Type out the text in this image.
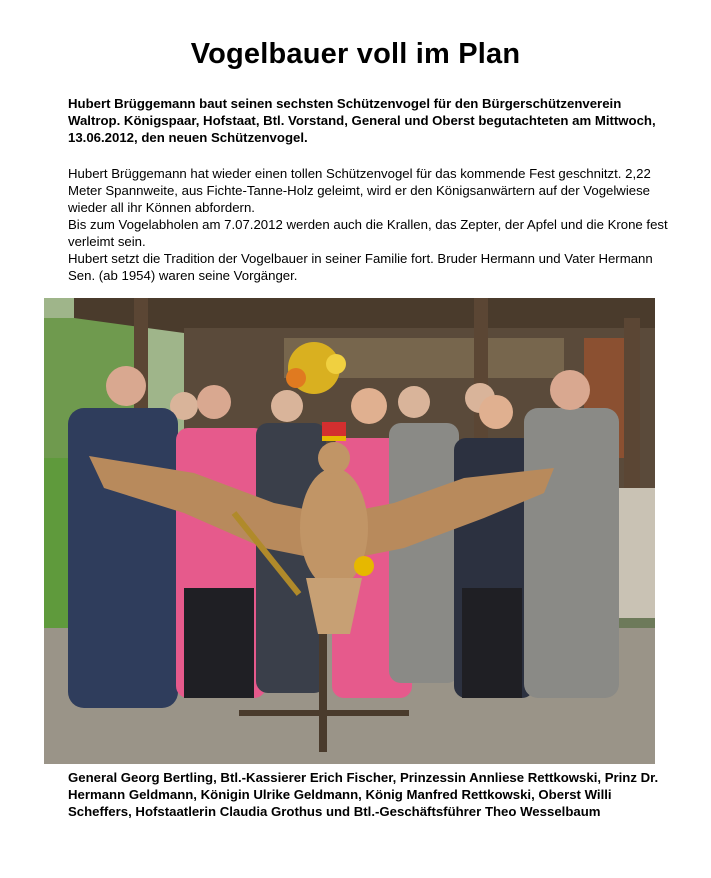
Vogelbauer voll im Plan
Hubert Brüggemann baut seinen sechsten Schützenvogel für den Bürgerschützenverein Waltrop. Königspaar, Hofstaat, Btl. Vorstand, General und Oberst begutachteten am Mittwoch, 13.06.2012, den neuen Schützenvogel.

Hubert Brüggemann hat wieder einen tollen Schützenvogel für das kommende Fest geschnitzt. 2,22 Meter Spannweite, aus Fichte-Tanne-Holz geleimt, wird er den Königsanwärtern auf der Vogelwiese wieder all ihr Können abfordern.

Bis zum Vogelabholen am 7.07.2012 werden auch die Krallen, das Zepter, der Apfel und die Krone fest verleimt sein.

Hubert setzt die Tradition der Vogelbauer in seiner Familie fort. Bruder Hermann und Vater Hermann Sen. (ab 1954) waren seine Vorgänger.

General Georg Bertling, Btl.-Kassierer Erich Fischer, Prinzessin Annliese Rettkowski, Prinz Dr. Hermann Geldmann, Königin Ulrike Geldmann, König Manfred Rettkowski, Oberst Willi Scheffers, Hofstaatlerin Claudia Grothus und Btl.-Geschäftsführer Theo Wesselbaum
